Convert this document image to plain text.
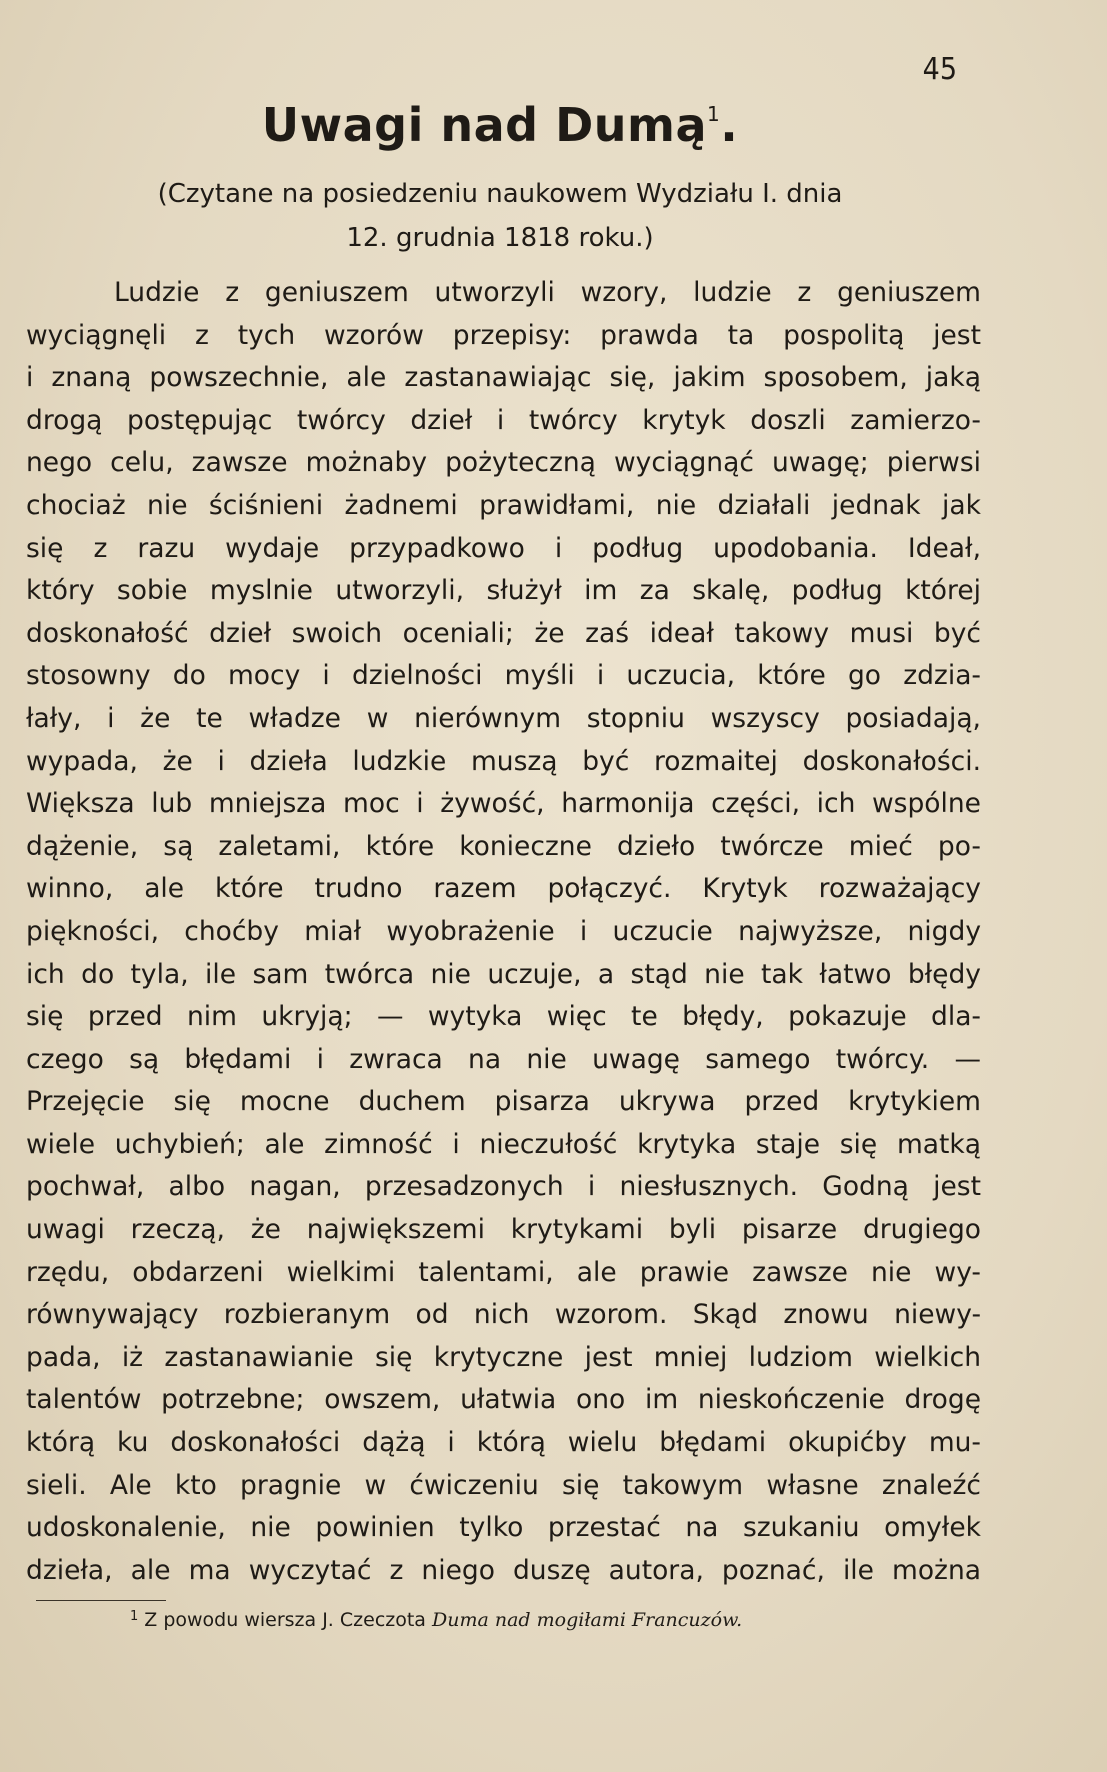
45
Uwagi nad Dumą$^1$.
(Czytane na posiedzeniu naukowem Wydziału I. dnia
12. grudnia 1818 roku.)
Ludzie z geniuszem utworzyli wzory, ludzie z geniuszem
wyciągnęli z tych wzorów przepisy: prawda ta pospolitą jest
i znaną powszechnie, ale zastanawiając się, jakim sposobem, jaką
drogą postępując twórcy dzieł i twórcy krytyk doszli zamierzo-
nego celu, zawsze możnaby pożyteczną wyciągnąć uwagę; pierwsi
chociaż nie ściśnieni żadnemi prawidłami, nie działali jednak jak
się z razu wydaje przypadkowo i podług upodobania. Ideał,
który sobie myslnie utworzyli, służył im za skalę, podług której
doskonałość dzieł swoich oceniali; że zaś ideał takowy musi być
stosowny do mocy i dzielności myśli i uczucia, które go zdzia-
łały, i że te władze w nierównym stopniu wszyscy posiadają,
wypada, że i dzieła ludzkie muszą być rozmaitej doskonałości.
Większa lub mniejsza moc i żywość, harmonija części, ich wspólne
dążenie, są zaletami, które konieczne dzieło twórcze mieć po-
winno, ale które trudno razem połączyć. Krytyk rozważający
piękności, choćby miał wyobrażenie i uczucie najwyższe, nigdy
ich do tyla, ile sam twórca nie uczuje, a stąd nie tak łatwo błędy
się przed nim ukryją; — wytyka więc te błędy, pokazuje dla-
czego są błędami i zwraca na nie uwagę samego twórcy. —
Przejęcie się mocne duchem pisarza ukrywa przed krytykiem
wiele uchybień; ale zimność i nieczułość krytyka staje się matką
pochwał, albo nagan, przesadzonych i niesłusznych. Godną jest
uwagi rzeczą, że największemi krytykami byli pisarze drugiego
rzędu, obdarzeni wielkimi talentami, ale prawie zawsze nie wy-
równywający rozbieranym od nich wzorom. Skąd znowu niewy-
pada, iż zastanawianie się krytyczne jest mniej ludziom wielkich
talentów potrzebne; owszem, ułatwia ono im nieskończenie drogę
którą ku doskonałości dążą i którą wielu błędami okupićby mu-
sieli. Ale kto pragnie w ćwiczeniu się takowym własne znaleźć
udoskonalenie, nie powinien tylko przestać na szukaniu omyłek
dzieła, ale ma wyczytać z niego duszę autora, poznać, ile można
$^1$ Z powodu wiersza J. Czeczota Duma nad mogiłami Francuzów.
